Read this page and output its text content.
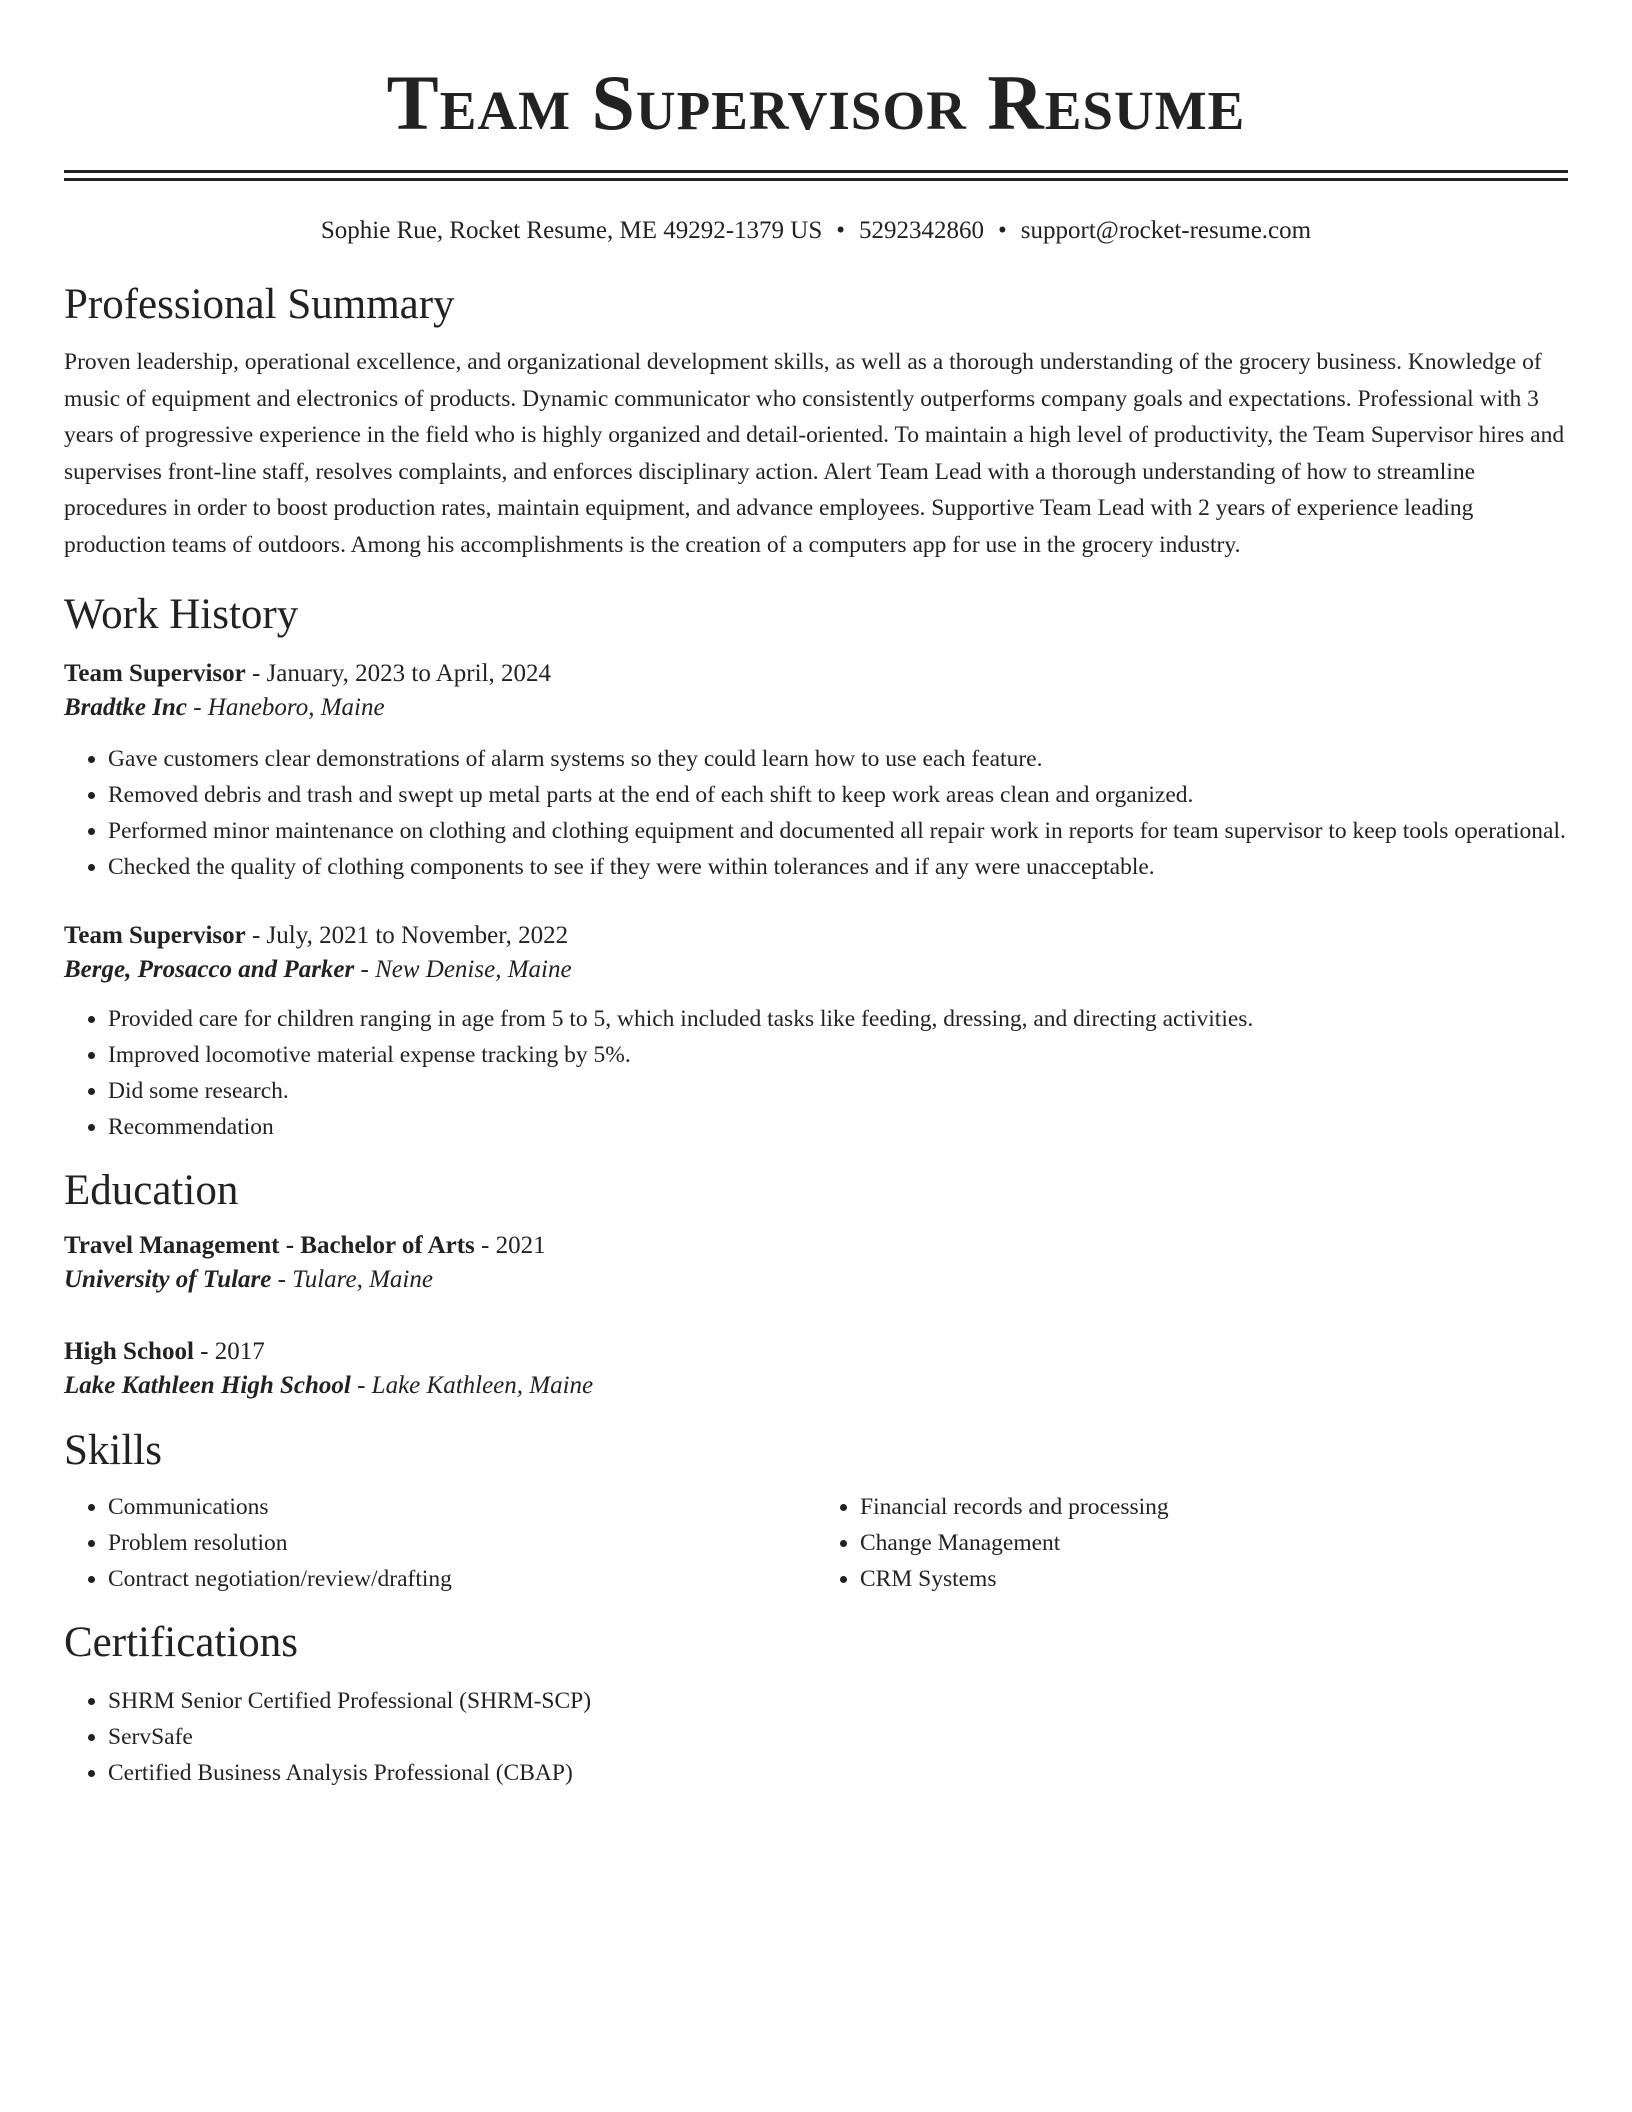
Team Supervisor Resume
Sophie Rue, Rocket Resume, ME 49292-1379 US • 5292342860 • support@rocket-resume.com
Professional Summary

Proven leadership, operational excellence, and organizational development skills, as well as a thorough understanding of the grocery business. Knowledge of music of equipment and electronics of products. Dynamic communicator who consistently outperforms company goals and expectations. Professional with 3 years of progressive experience in the field who is highly organized and detail-oriented. To maintain a high level of productivity, the Team Supervisor hires and supervises front-line staff, resolves complaints, and enforces disciplinary action. Alert Team Lead with a thorough understanding of how to streamline procedures in order to boost production rates, maintain equipment, and advance employees. Supportive Team Lead with 2 years of experience leading production teams of outdoors. Among his accomplishments is the creation of a computers app for use in the grocery industry.

Work History
Team Supervisor - January, 2023 to April, 2024
Bradtke Inc - Haneboro, Maine
• Gave customers clear demonstrations of alarm systems so they could learn how to use each feature.
• Removed debris and trash and swept up metal parts at the end of each shift to keep work areas clean and organized.
• Performed minor maintenance on clothing and clothing equipment and documented all repair work in reports for team supervisor to keep tools operational.
• Checked the quality of clothing components to see if they were within tolerances and if any were unacceptable.
Team Supervisor - July, 2021 to November, 2022
Berge, Prosacco and Parker - New Denise, Maine
• Provided care for children ranging in age from 5 to 5, which included tasks like feeding, dressing, and directing activities.
• Improved locomotive material expense tracking by 5%.
• Did some research.
• Recommendation
Education
Travel Management - Bachelor of Arts - 2021
University of Tulare - Tulare, Maine
High School - 2017
Lake Kathleen High School - Lake Kathleen, Maine
Skills
• Communications
• Problem resolution
• Contract negotiation/review/drafting
• Financial records and processing
• Change Management
• CRM Systems
Certifications
• SHRM Senior Certified Professional (SHRM-SCP)
• ServSafe
• Certified Business Analysis Professional (CBAP)
